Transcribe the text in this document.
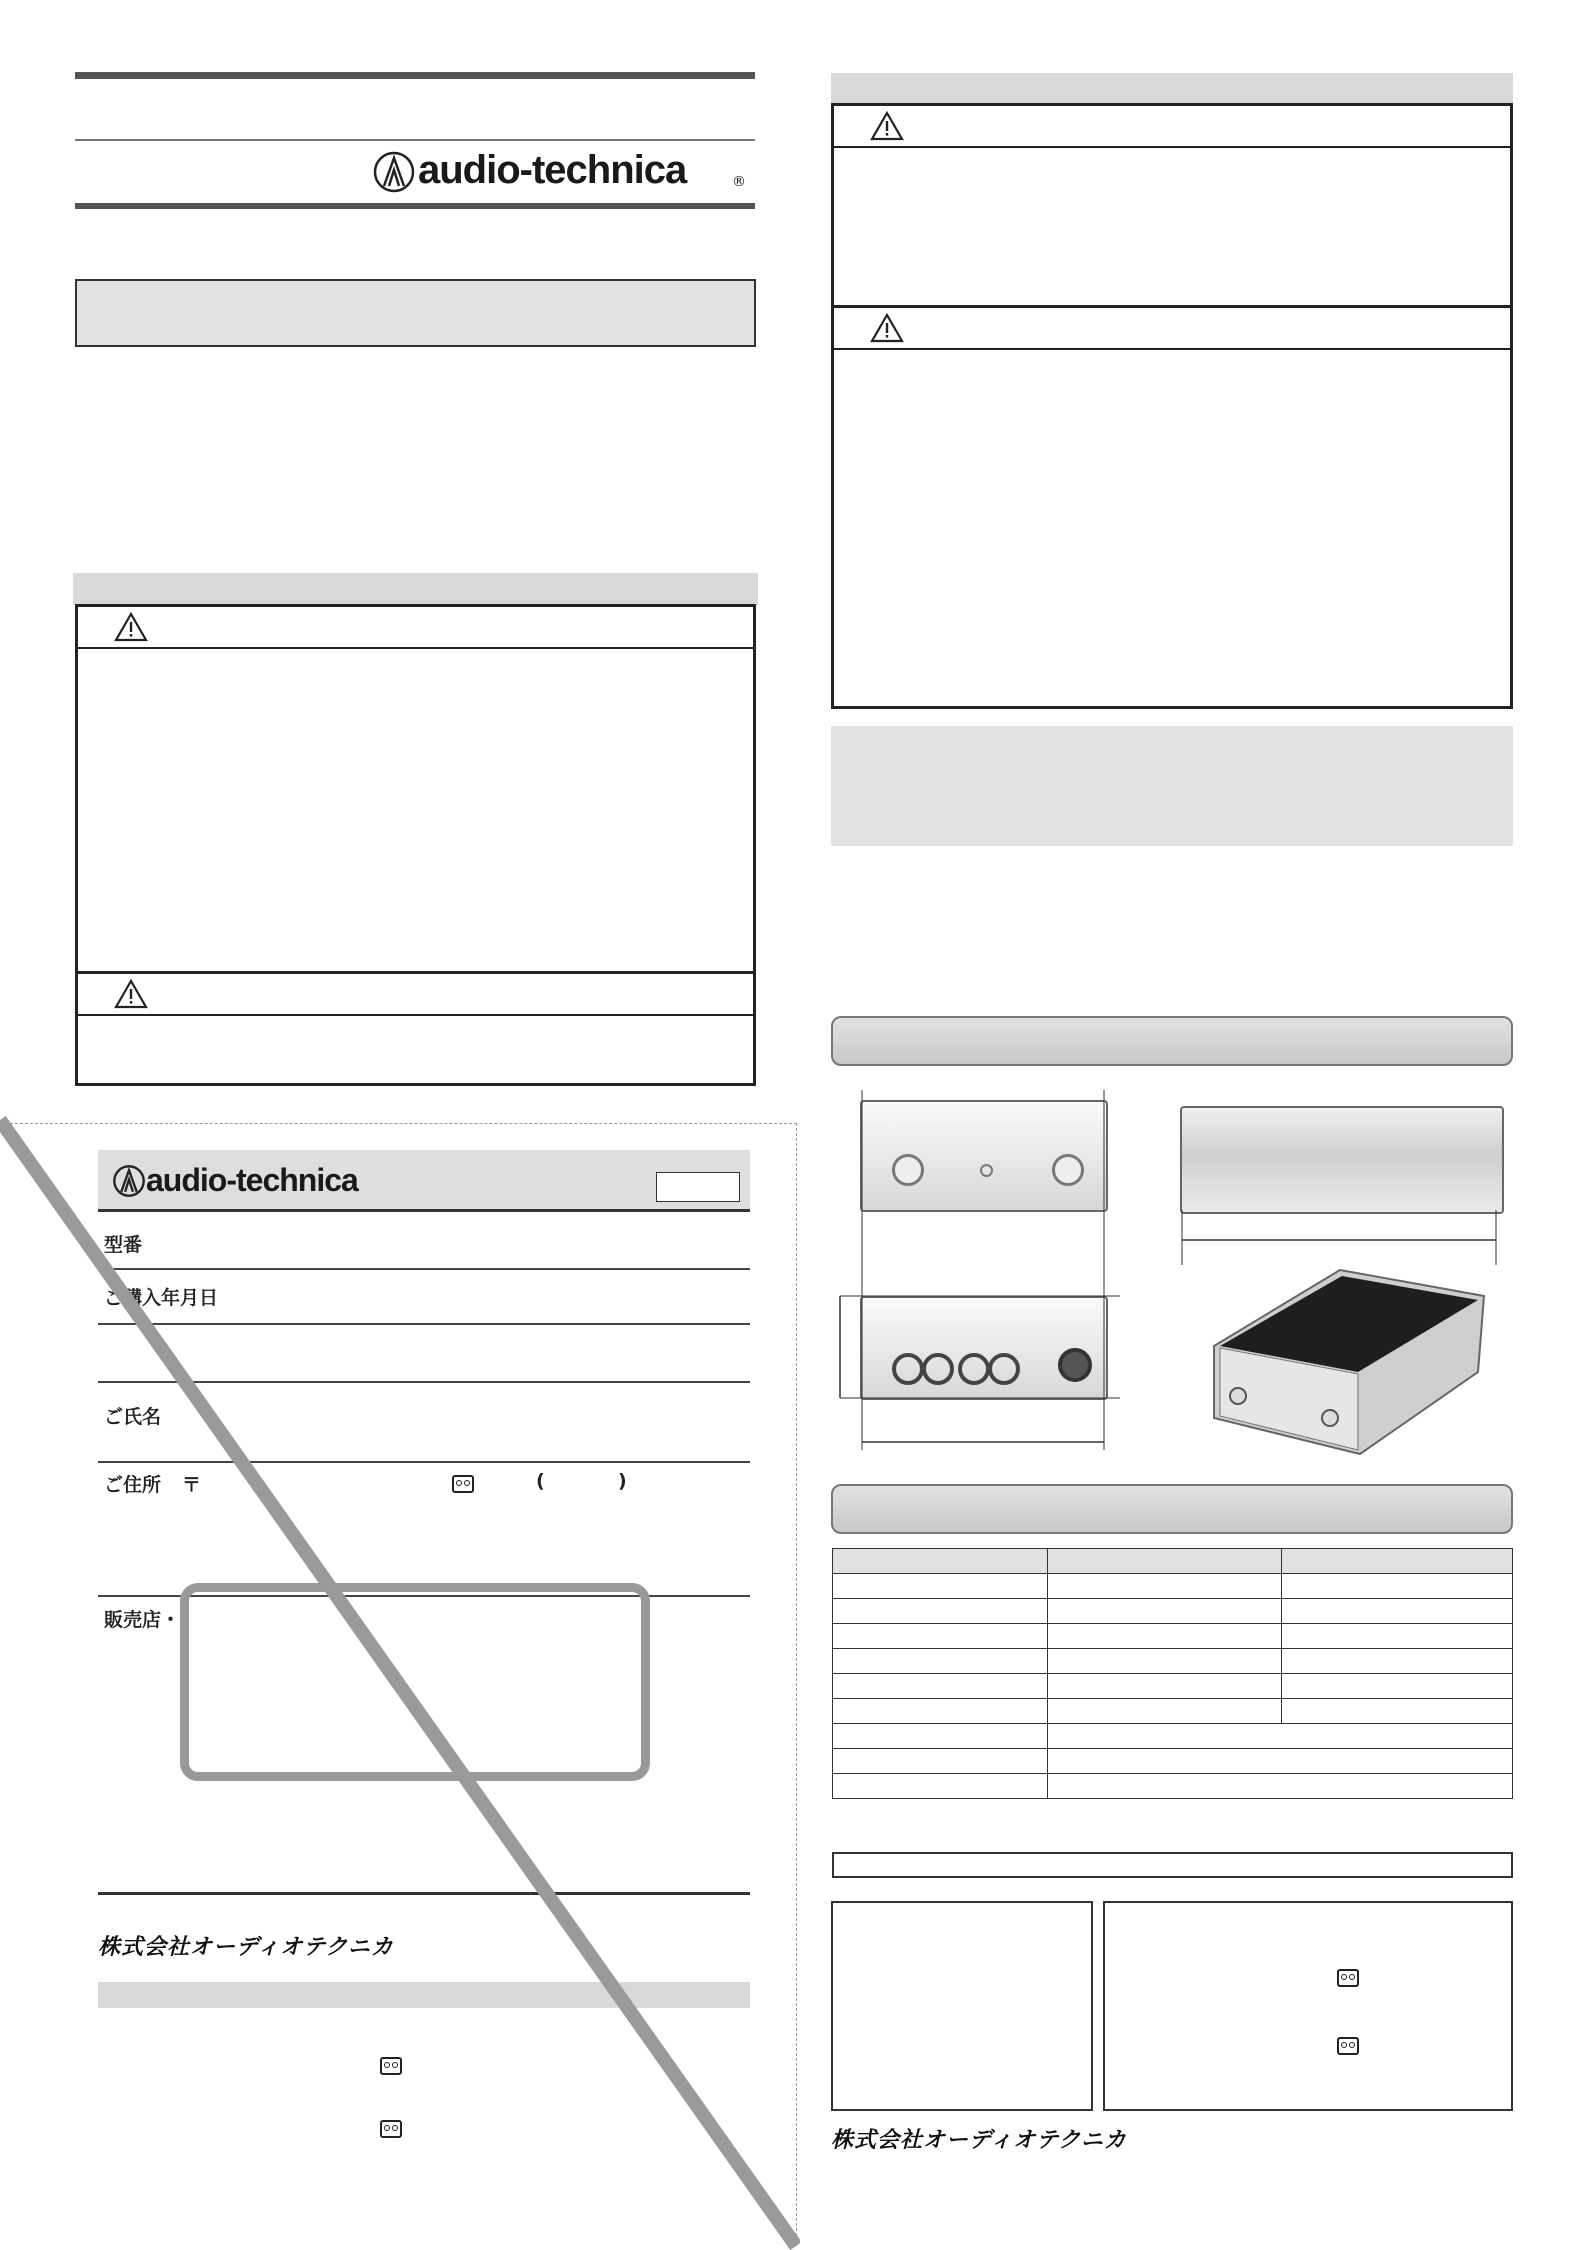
audio-technica	®
audio-technica
型番
ご購入年月日
ご氏名
ご住所 〒	(	)
販売店・
株式会社オーディオテクニカ

株式会社オーディオテクニカ
